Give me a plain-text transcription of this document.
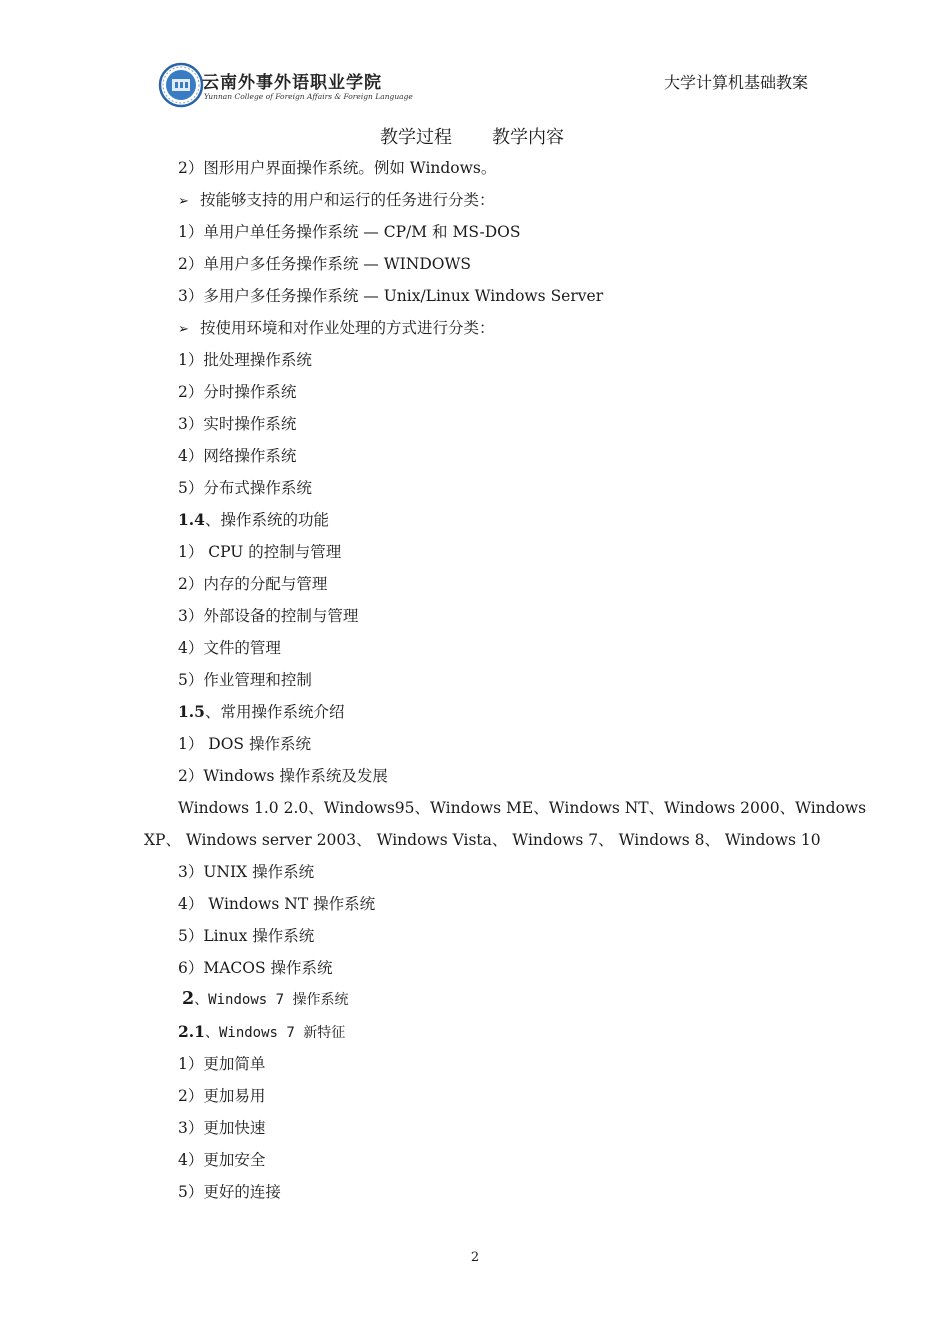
云南外事外语职业学院
Yunnan College of Foreign Affairs & Foreign Language
大学计算机基础教案
教学过程 教学内容
2）图形用户界面操作系统。例如 Windows。
➢ 按能够支持的用户和运行的任务进行分类：
1）单用户单任务操作系统 — CP/M 和 MS-DOS
2）单用户多任务操作系统 — WINDOWS
3）多用户多任务操作系统 — Unix/Linux Windows Server
➢ 按使用环境和对作业处理的方式进行分类：
1）批处理操作系统
2）分时操作系统
3）实时操作系统
4）网络操作系统
5）分布式操作系统
1.4、操作系统的功能
1） CPU 的控制与管理
2）内存的分配与管理
3）外部设备的控制与管理
4）文件的管理
5）作业管理和控制
1.5、常用操作系统介绍
1） DOS 操作系统
2）Windows 操作系统及发展
Windows 1.0 2.0、Windows95、Windows ME、Windows NT、Windows 2000、Windows
XP、 Windows server 2003、 Windows Vista、 Windows 7、 Windows 8、 Windows 10
3）UNIX 操作系统
4） Windows NT 操作系统
5）Linux 操作系统
6）MACOS 操作系统
2、Windows 7 操作系统
2.1、Windows 7 新特征
1）更加简单
2）更加易用
3）更加快速
4）更加安全
5）更好的连接
2
